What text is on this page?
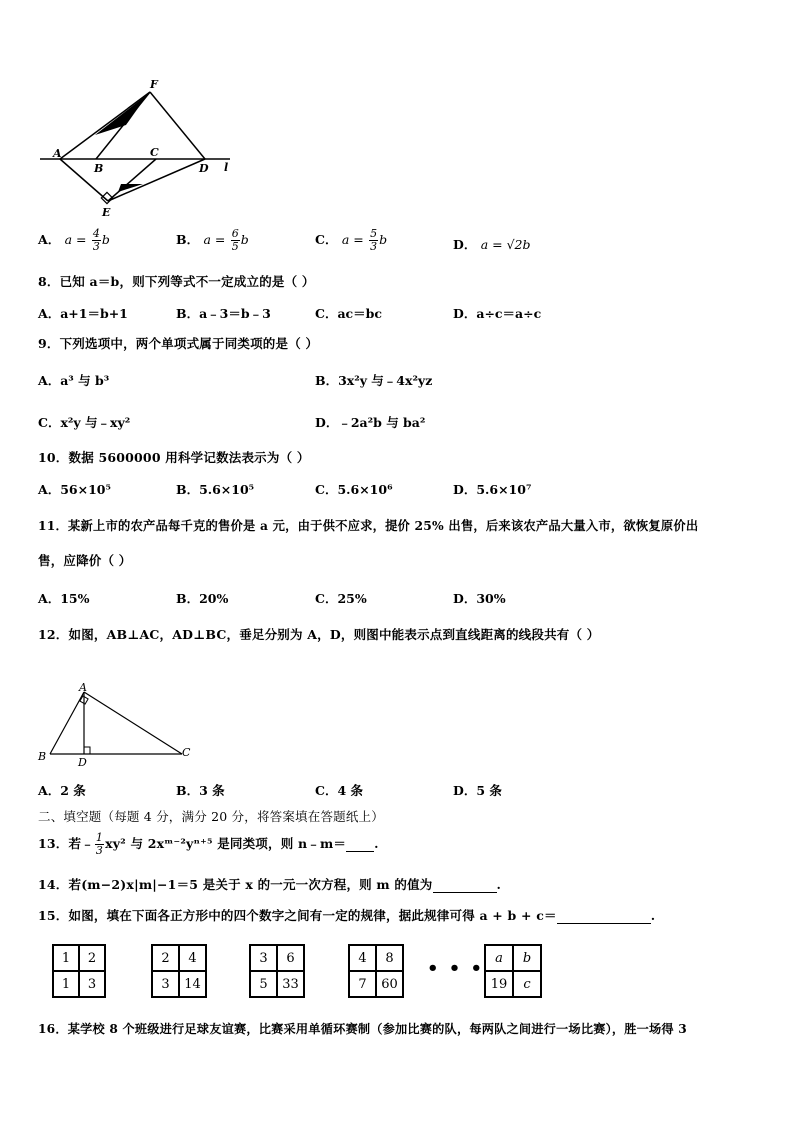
F
A
B
C
D
E
l
A． $a = \frac{4}{3}$ b	B． $a = \frac{6}{5}$ b	C． $a = \frac{5}{3}$ b	D． a = √2b
8．已知 a＝b，则下列等式不一定成立的是（ ）
A．a+1＝b+1	B．a﹣3＝b﹣3	C．ac＝bc	D．a÷c＝a÷c
9．下列选项中，两个单项式属于同类项的是（ ）
A．a³ 与 b³	B．3x²y 与﹣4x²yz
C．x²y 与﹣xy²	D．﹣2a²b 与 ba²
10．数据 5600000 用科学记数法表示为（ ）
A．56×10⁵	B．5.6×10⁵	C．5.6×10⁶	D．5.6×10⁷
11．某新上市的农产品每千克的售价是 a 元，由于供不应求，提价 25% 出售，后来该农产品大量入市，欲恢复原价出
售，应降价（ ）
A．15%	B．20%	C．25%	D．30%
12．如图，AB⊥AC，AD⊥BC，垂足分别为 A，D，则图中能表示点到直线距离的线段共有（ ）
A
B	C
D
A．2 条	B．3 条	C．4 条	D．5 条
二、填空题（每题 4 分，满分 20 分，将答案填在答题纸上）
13．若﹣ $\frac{1}{3} xy^2$ 与 2xᵐ⁻²yⁿ⁺⁵ 是同类项，则 n﹣m＝ .
14．若(m−2)x|m|−1＝5 是关于 x 的一元一次方程，则 m 的值为	.
15．如图，填在下面各正方形中的四个数字之间有一定的规律，据此规律可得 a + b + c＝	.
1	2
1	3
2	4
3	14
3	6
5	33
4	8
7	60
• • • a	b
19	c
16．某学校 8 个班级进行足球友谊赛，比赛采用单循环赛制（参加比赛的队，每两队之间进行一场比赛），胜一场得 3
